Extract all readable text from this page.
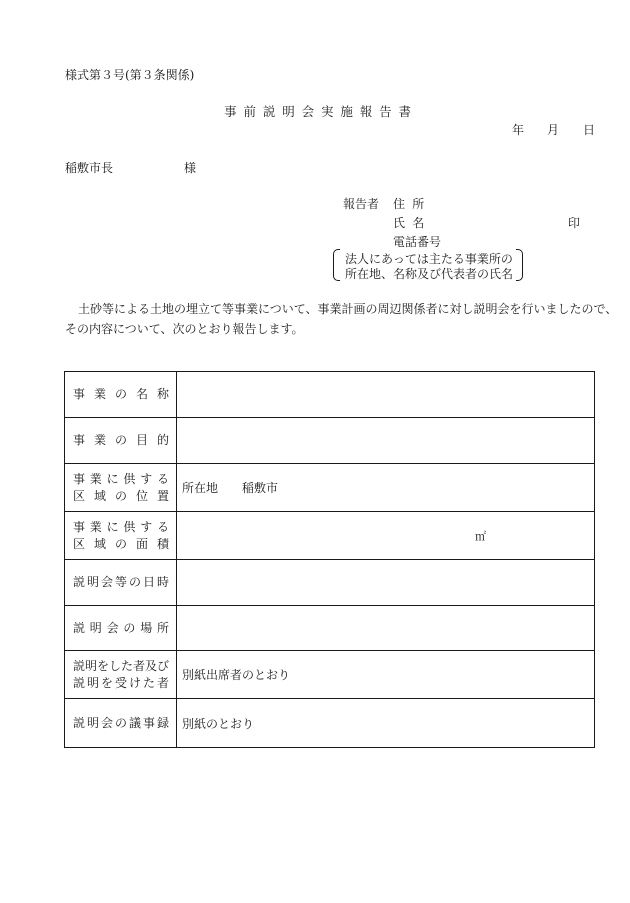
様式第３号(第３条関係)
事前説明会実施報告書
年 月 日
稲敷市長	様
報告者 住所
氏名	印
電話番号
法人にあっては主たる事業所の
所在地、名称及び代表者の氏名
土砂等による土地の埋立て等事業について、事業計画の周辺関係者に対し説明会を行いましたので、
その内容について、次のとおり報告します。
事業の名称	

事業の目的	

事業に供する
区域の位置	所在地 稲敷市

事業に供する
区域の面積	㎡

説明会等の日時	

説明会の場所	

説明をした者及び
説明を受けた者	別紙出席者のとおり

説明会の議事録	別紙のとおり
